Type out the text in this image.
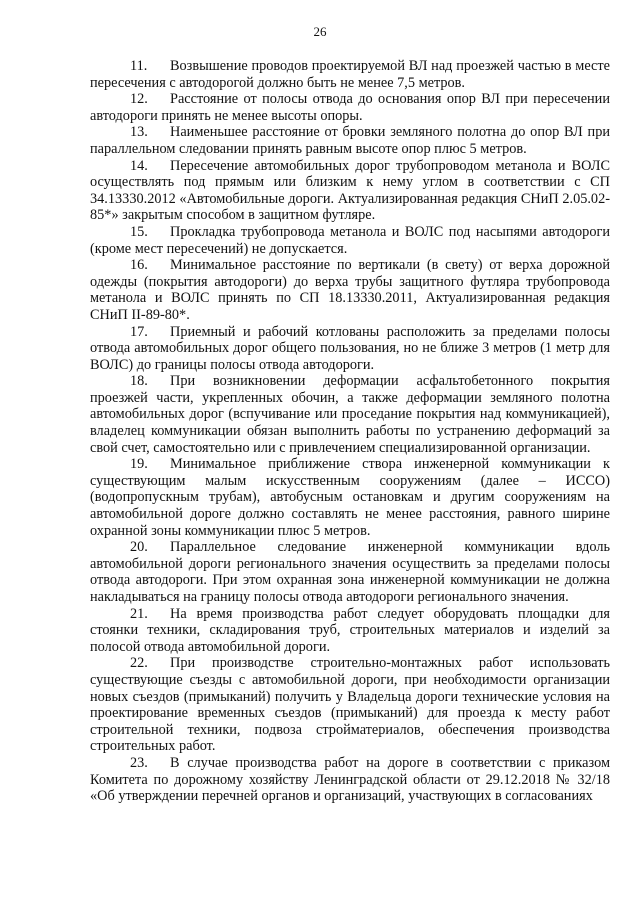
26

11. Возвышение проводов проектируемой ВЛ над проезжей частью в месте пересечения с автодорогой должно быть не менее 7,5 метров.

12. Расстояние от полосы отвода до основания опор ВЛ при пересечении автодороги принять не менее высоты опоры.

13. Наименьшее расстояние от бровки земляного полотна до опор ВЛ при параллельном следовании принять равным высоте опор плюс 5 метров.

14. Пересечение автомобильных дорог трубопроводом метанола и ВОЛС осуществлять под прямым или близким к нему углом в соответствии с СП 34.13330.2012 «Автомобильные дороги. Актуализированная редакция СНиП 2.05.02-85*» закрытым способом в защитном футляре.

15. Прокладка трубопровода метанола и ВОЛС под насыпями автодороги (кроме мест пересечений) не допускается.

16. Минимальное расстояние по вертикали (в свету) от верха дорожной одежды (покрытия автодороги) до верха трубы защитного футляра трубопровода метанола и ВОЛС принять по СП 18.13330.2011, Актуализированная редакция СНиП II-89-80*.

17. Приемный и рабочий котлованы расположить за пределами полосы отвода автомобильных дорог общего пользования, но не ближе 3 метров (1 метр для ВОЛС) до границы полосы отвода автодороги.

18. При возникновении деформации асфальтобетонного покрытия проезжей части, укрепленных обочин, а также деформации земляного полотна автомобильных дорог (вспучивание или проседание покрытия над коммуникацией), владелец коммуникации обязан выполнить работы по устранению деформаций за свой счет, самостоятельно или с привлечением специализированной организации.

19. Минимальное приближение створа инженерной коммуникации к существующим малым искусственным сооружениям (далее – ИССО) (водопропускным трубам), автобусным остановкам и другим сооружениям на автомобильной дороге должно составлять не менее расстояния, равного ширине охранной зоны коммуникации плюс 5 метров.

20. Параллельное следование инженерной коммуникации вдоль автомобильной дороги регионального значения осуществить за пределами полосы отвода автодороги. При этом охранная зона инженерной коммуникации не должна накладываться на границу полосы отвода автодороги регионального значения.

21. На время производства работ следует оборудовать площадки для стоянки техники, складирования труб, строительных материалов и изделий за полосой отвода автомобильной дороги.

22. При производстве строительно-монтажных работ использовать существующие съезды с автомобильной дороги, при необходимости организации новых съездов (примыканий) получить у Владельца дороги технические условия на проектирование временных съездов (примыканий) для проезда к месту работ строительной техники, подвоза стройматериалов, обеспечения производства строительных работ.

23. В случае производства работ на дороге в соответствии с приказом Комитета по дорожному хозяйству Ленинградской области от 29.12.2018 № 32/18 «Об утверждении перечней органов и организаций, участвующих в согласованиях
